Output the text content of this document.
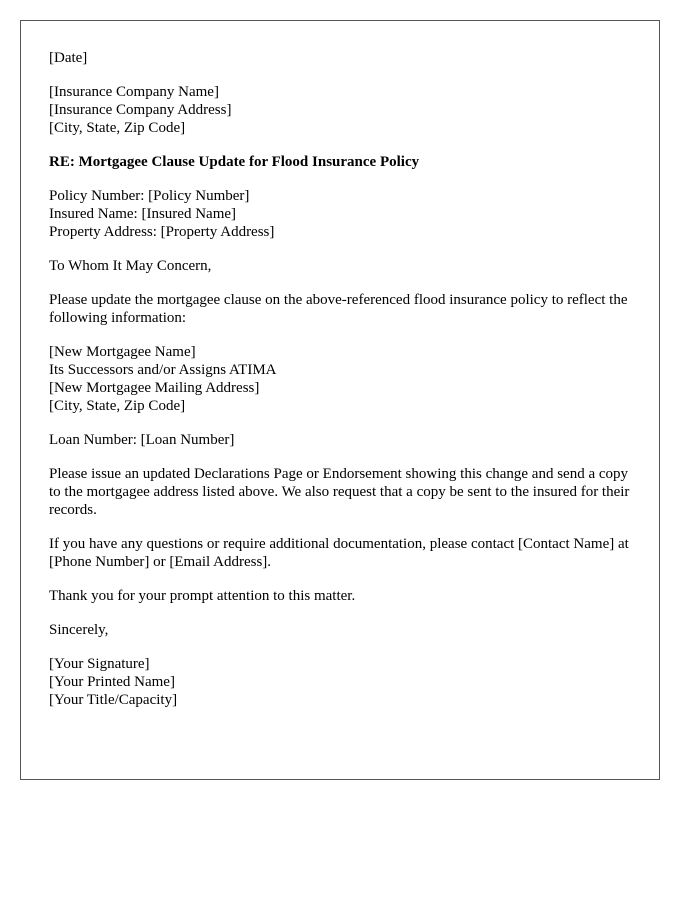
[Date]
[Insurance Company Name]
[Insurance Company Address]
[City, State, Zip Code]
RE: Mortgagee Clause Update for Flood Insurance Policy
Policy Number: [Policy Number]
Insured Name: [Insured Name]
Property Address: [Property Address]
To Whom It May Concern,
Please update the mortgagee clause on the above-referenced flood insurance policy to reflect the following information:
[New Mortgagee Name]
Its Successors and/or Assigns ATIMA
[New Mortgagee Mailing Address]
[City, State, Zip Code]
Loan Number: [Loan Number]
Please issue an updated Declarations Page or Endorsement showing this change and send a copy to the mortgagee address listed above. We also request that a copy be sent to the insured for their records.
If you have any questions or require additional documentation, please contact [Contact Name] at [Phone Number] or [Email Address].
Thank you for your prompt attention to this matter.
Sincerely,
[Your Signature]
[Your Printed Name]
[Your Title/Capacity]
